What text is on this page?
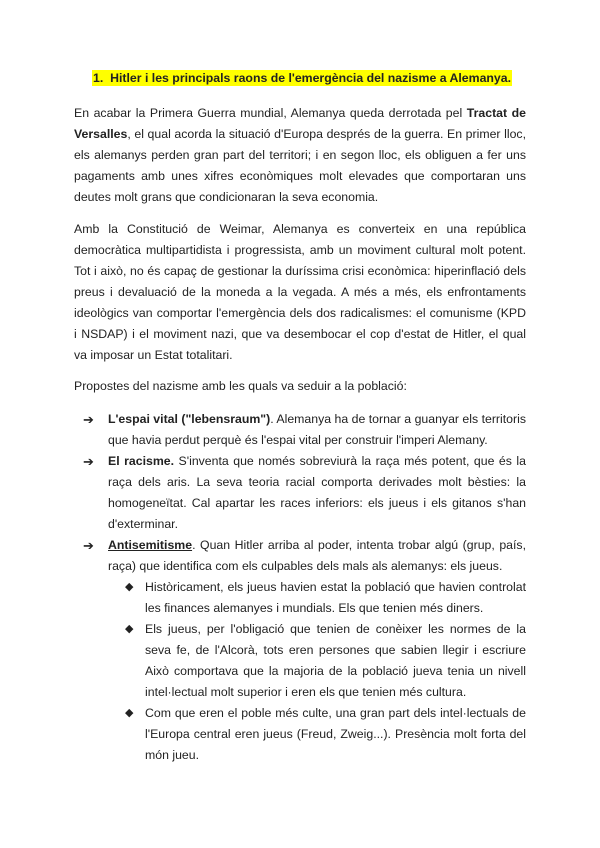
1. Hitler i les principals raons de l'emergència del nazisme a Alemanya.

En acabar la Primera Guerra mundial, Alemanya queda derrotada pel Tractat de Versalles, el qual acorda la situació d'Europa després de la guerra. En primer lloc, els alemanys perden gran part del territori; i en segon lloc, els obliguen a fer uns pagaments amb unes xifres econòmiques molt elevades que comportaran uns deutes molt grans que condicionaran la seva economia.

Amb la Constitució de Weimar, Alemanya es converteix en una república democràtica multipartidista i progressista, amb un moviment cultural molt potent. Tot i això, no és capaç de gestionar la duríssima crisi econòmica: hiperinflació dels preus i devaluació de la moneda a la vegada. A més a més, els enfrontaments ideològics van comportar l'emergència dels dos radicalismes: el comunisme (KPD i NSDAP) i el moviment nazi, que va desembocar el cop d'estat de Hitler, el qual va imposar un Estat totalitari.

Propostes del nazisme amb les quals va seduir a la població:

➔ L'espai vital ("lebensraum"). Alemanya ha de tornar a guanyar els territoris que havia perdut perquè és l'espai vital per construir l'imperi Alemany.
➔ El racisme. S'inventa que només sobreviurà la raça més potent, que és la raça dels aris. La seva teoria racial comporta derivades molt bèsties: la homogeneïtat. Cal apartar les races inferiors: els jueus i els gitanos s'han d'exterminar.
➔ Antisemitisme. Quan Hitler arriba al poder, intenta trobar algú (grup, país, raça) que identifica com els culpables dels mals als alemanys: els jueus.
◆ Històricament, els jueus havien estat la població que havien controlat les finances alemanyes i mundials. Els que tenien més diners.
◆ Els jueus, per l'obligació que tenien de conèixer les normes de la seva fe, de l'Alcorà, tots eren persones que sabien llegir i escriure Això comportava que la majoria de la població jueva tenia un nivell intel·lectual molt superior i eren els que tenien més cultura.
◆ Com que eren el poble més culte, una gran part dels intel·lectuals de l'Europa central eren jueus (Freud, Zweig...). Presència molt forta del món jueu.
